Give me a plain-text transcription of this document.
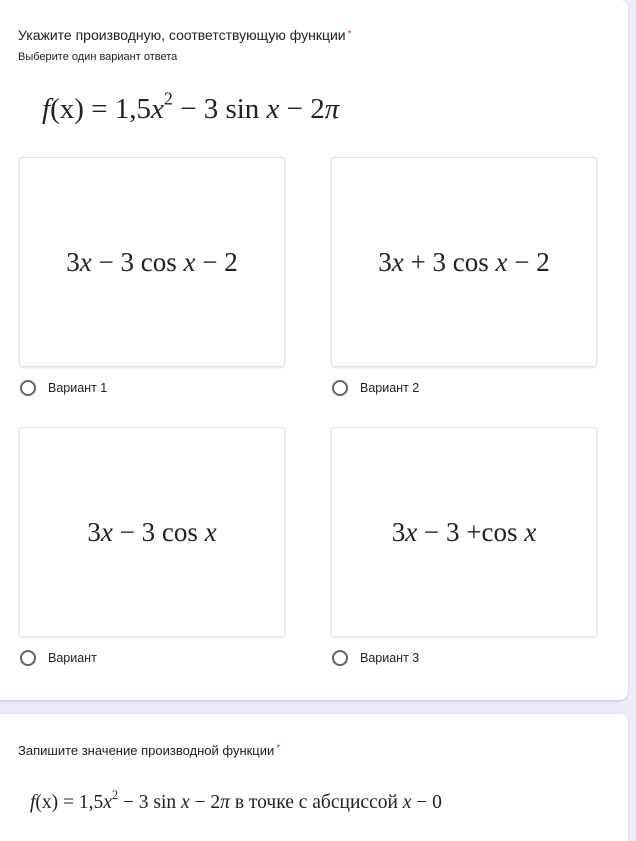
Укажите производную, соответствующую функции *
Выберите один вариант ответа
$f(x) = 1,5x^2 - 3$ sin x − 2π
3x − 3 cos x − 2
Вариант 1
3x + 3 cos x − 2
Вариант 2
3x − 3 cos x
Вариант
3x − 3 +cos x
Вариант 3
Запишите значение производной функции *
$f(x) = 1,5x^2 - 3$ sin x − 2π в точке с абсциссой x − 0
